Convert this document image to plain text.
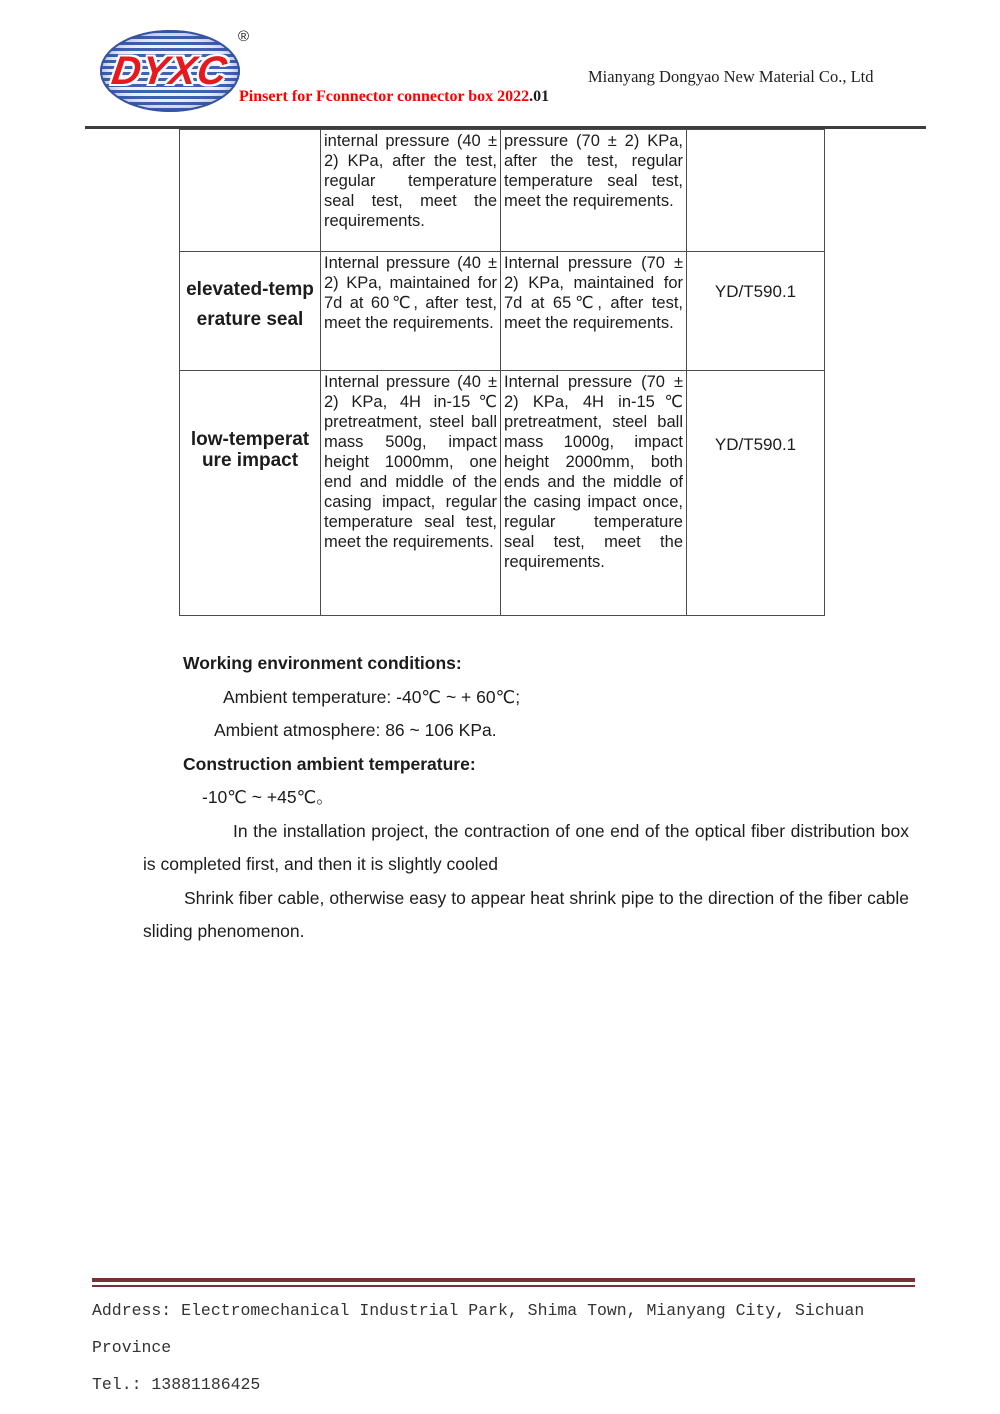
DYXC
®
Pinsert for Fconnector connector box 2022.01
Mianyang Dongyao New Material Co., Ltd
	internal pressure (40 ± 2) KPa, after the test, regular temperature seal test, meet the requirements.	pressure (70 ± 2) KPa, after the test, regular temperature seal test, meet the requirements.	

elevated-temp
erature seal	Internal pressure (40 ± 2) KPa, maintained for 7d at 60℃, after test, meet the requirements.	Internal pressure (70 ± 2) KPa, maintained for 7d at 65℃, after test, meet the requirements.	YD/T590.1

low-temperat
ure impact	Internal pressure (40 ± 2) KPa, 4H in-15℃ pretreatment, steel ball mass 500g, impact height 1000mm, one end and middle of the casing impact, regular temperature seal test, meet the requirements.	Internal pressure (70 ± 2) KPa, 4H in-15℃ pretreatment, steel ball mass 1000g, impact height 2000mm, both ends and the middle of the casing impact once, regular temperature seal test, meet the requirements.	YD/T590.1
Working environment conditions:
Ambient temperature: -40℃ ~ + 60℃;
Ambient atmosphere: 86 ~ 106 KPa.
Construction ambient temperature:
-10℃ ~ +45℃。
In the installation project, the contraction of one end of the optical fiber distribution box is completed first, and then it is slightly cooled
Shrink fiber cable, otherwise easy to appear heat shrink pipe to the direction of the fiber cable sliding phenomenon.
Address: Electromechanical Industrial Park, Shima Town, Mianyang City, Sichuan Province
Tel.: 13881186425
